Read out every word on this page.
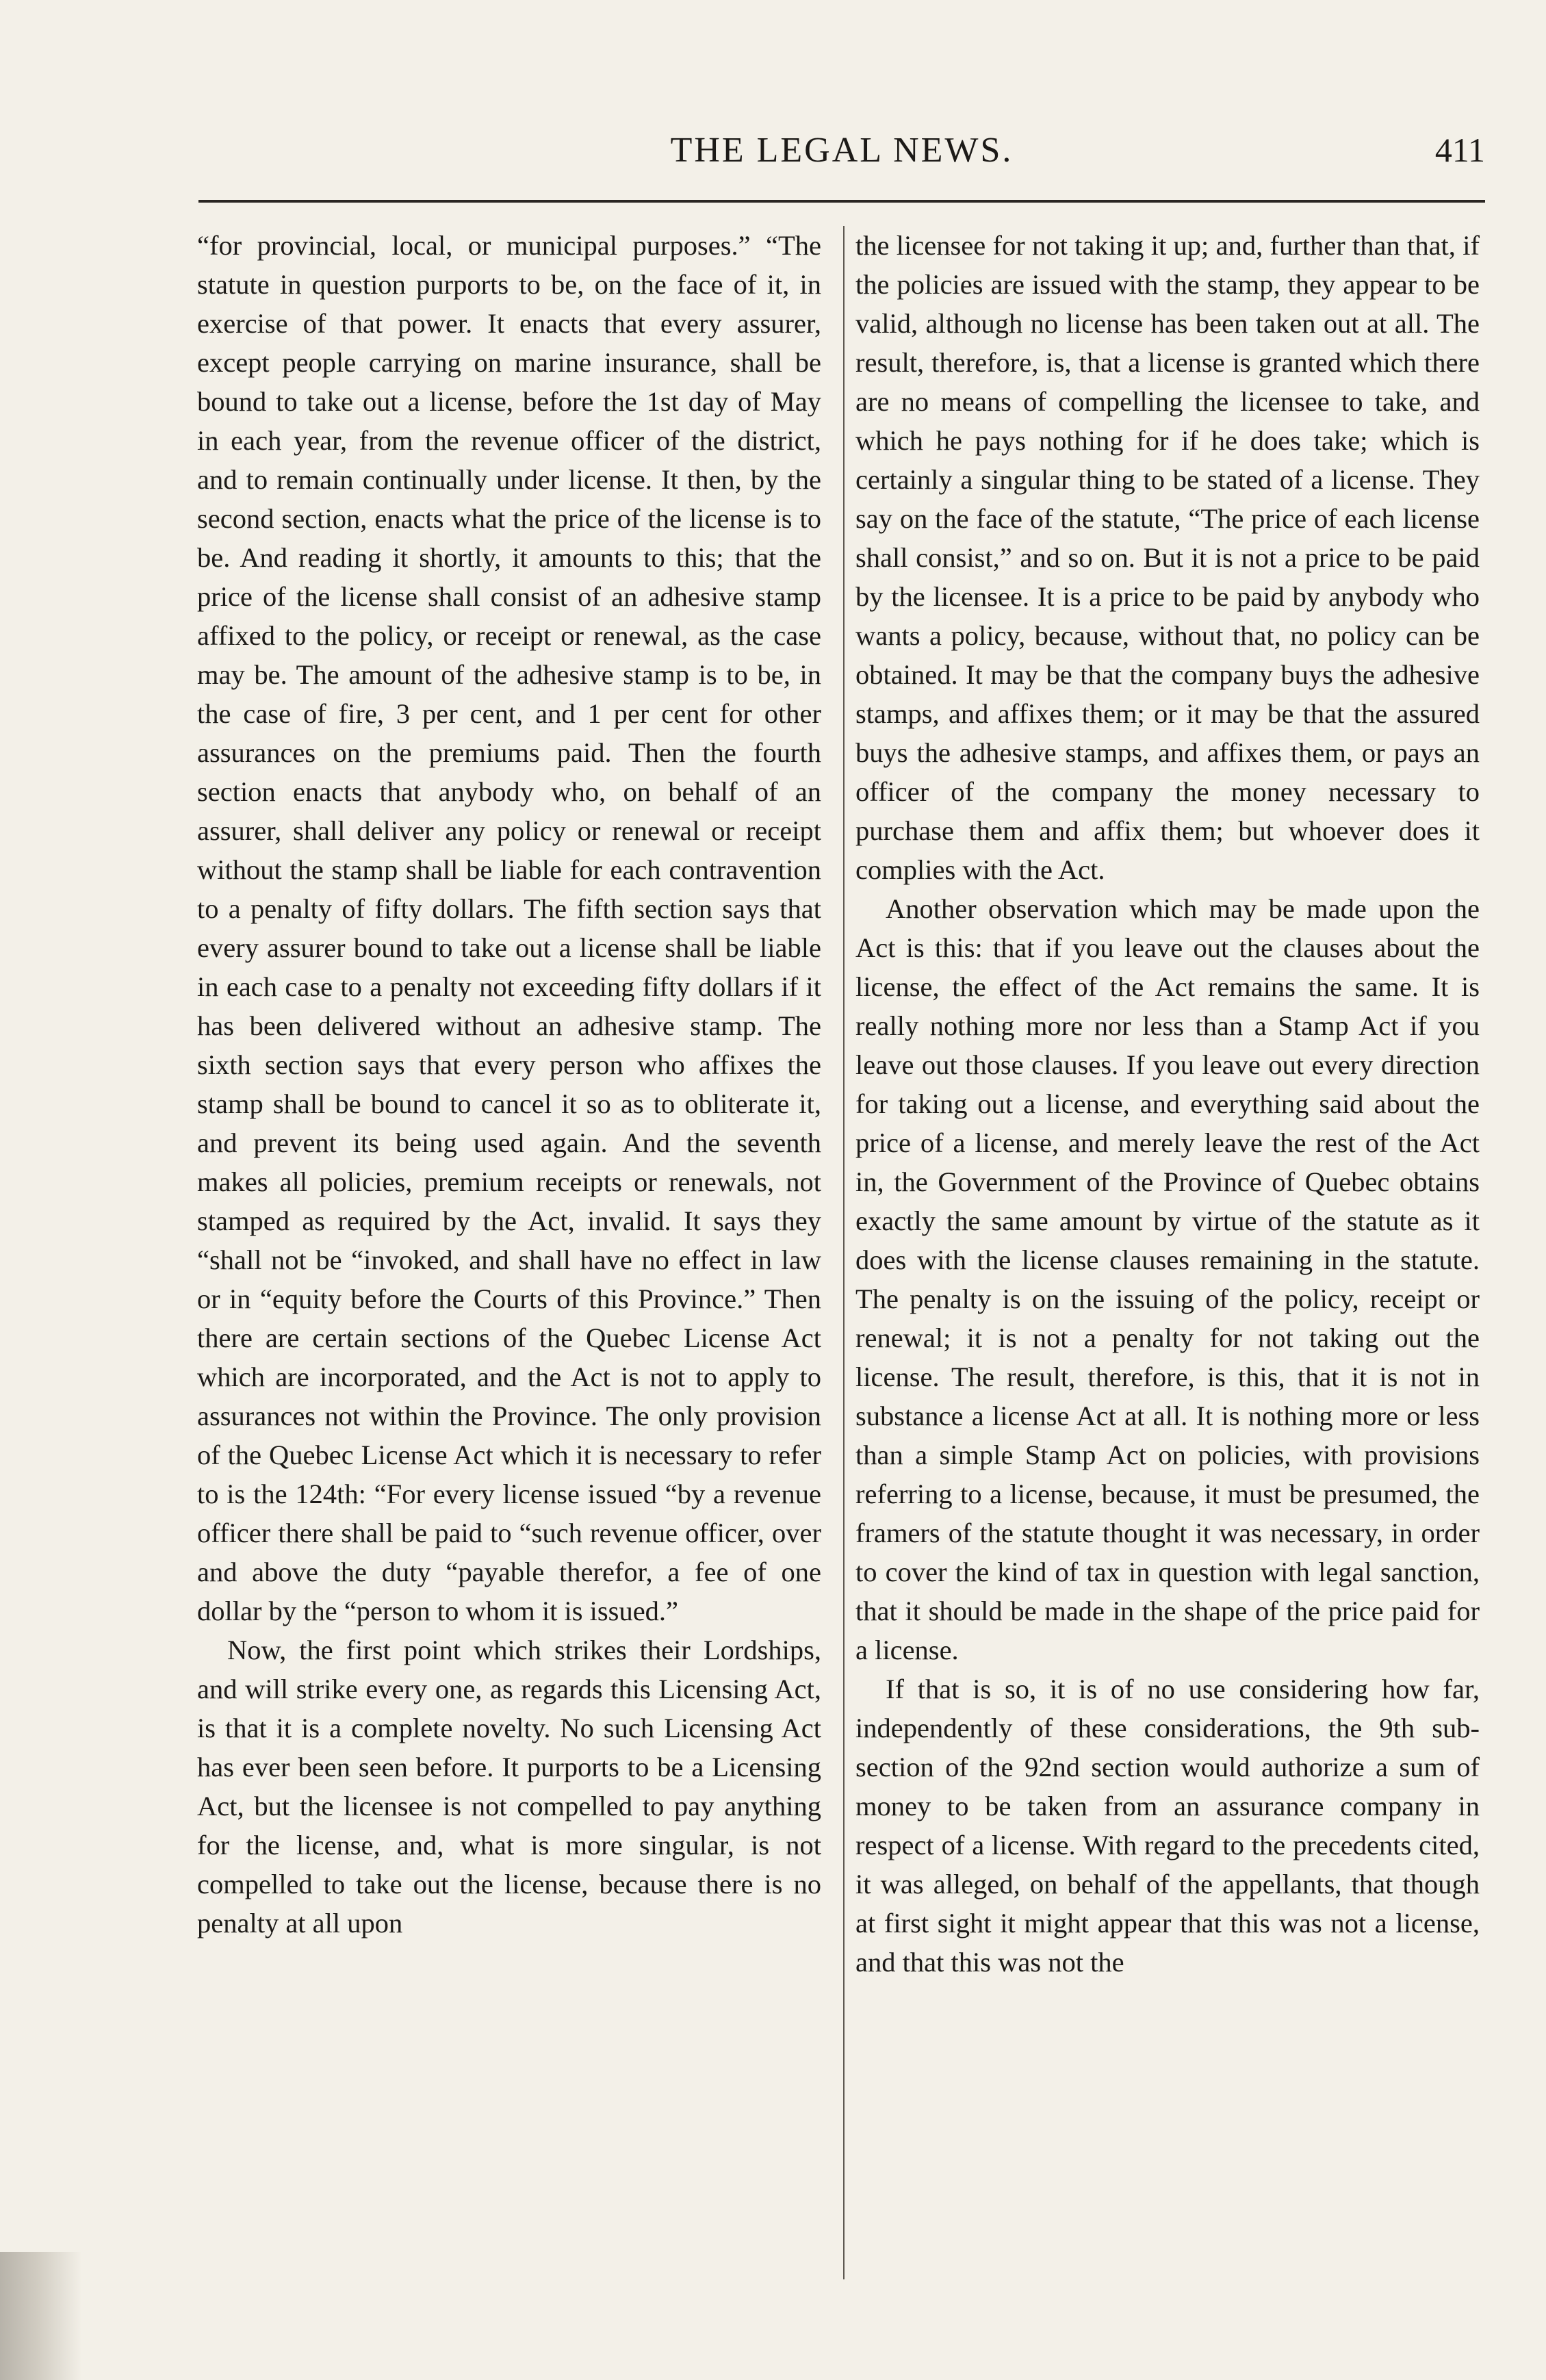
THE LEGAL NEWS.	411

“for provincial, local, or municipal purposes.” “The statute in question purports to be, on the face of it, in exercise of that power. It enacts that every assurer, except people carrying on marine insurance, shall be bound to take out a license, before the 1st day of May in each year, from the revenue officer of the district, and to remain continually under license. It then, by the second section, enacts what the price of the license is to be. And reading it shortly, it amounts to this; that the price of the license shall consist of an adhesive stamp affixed to the policy, or receipt or renewal, as the case may be. The amount of the adhesive stamp is to be, in the case of fire, 3 per cent, and 1 per cent for other assurances on the premiums paid. Then the fourth section enacts that anybody who, on behalf of an assurer, shall deliver any policy or renewal or receipt without the stamp shall be liable for each contravention to a penalty of fifty dollars. The fifth section says that every assurer bound to take out a license shall be liable in each case to a penalty not exceeding fifty dollars if it has been delivered without an adhesive stamp. The sixth section says that every person who affixes the stamp shall be bound to cancel it so as to obliterate it, and prevent its being used again. And the seventh makes all policies, premium receipts or renewals, not stamped as required by the Act, invalid. It says they “shall not be “invoked, and shall have no effect in law or in “equity before the Courts of this Province.” Then there are certain sections of the Quebec License Act which are incorporated, and the Act is not to apply to assurances not within the Province. The only provision of the Quebec License Act which it is necessary to refer to is the 124th: “For every license issued “by a revenue officer there shall be paid to “such revenue officer, over and above the duty “payable therefor, a fee of one dollar by the “person to whom it is issued.”

Now, the first point which strikes their Lordships, and will strike every one, as regards this Licensing Act, is that it is a complete novelty. No such Licensing Act has ever been seen before. It purports to be a Licensing Act, but the licensee is not compelled to pay anything for the license, and, what is more singular, is not compelled to take out the license, because there is no penalty at all upon

the licensee for not taking it up; and, further than that, if the policies are issued with the stamp, they appear to be valid, although no license has been taken out at all. The result, therefore, is, that a license is granted which there are no means of compelling the licensee to take, and which he pays nothing for if he does take; which is certainly a singular thing to be stated of a license. They say on the face of the statute, “The price of each license shall consist,” and so on. But it is not a price to be paid by the licensee. It is a price to be paid by anybody who wants a policy, because, without that, no policy can be obtained. It may be that the company buys the adhesive stamps, and affixes them; or it may be that the assured buys the adhesive stamps, and affixes them, or pays an officer of the company the money necessary to purchase them and affix them; but whoever does it complies with the Act.

Another observation which may be made upon the Act is this: that if you leave out the clauses about the license, the effect of the Act remains the same. It is really nothing more nor less than a Stamp Act if you leave out those clauses. If you leave out every direction for taking out a license, and everything said about the price of a license, and merely leave the rest of the Act in, the Government of the Province of Quebec obtains exactly the same amount by virtue of the statute as it does with the license clauses remaining in the statute. The penalty is on the issuing of the policy, receipt or renewal; it is not a penalty for not taking out the license. The result, therefore, is this, that it is not in substance a license Act at all. It is nothing more or less than a simple Stamp Act on policies, with provisions referring to a license, because, it must be presumed, the framers of the statute thought it was necessary, in order to cover the kind of tax in question with legal sanction, that it should be made in the shape of the price paid for a license.

If that is so, it is of no use considering how far, independently of these considerations, the 9th sub-section of the 92nd section would authorize a sum of money to be taken from an assurance company in respect of a license. With regard to the precedents cited, it was alleged, on behalf of the appellants, that though at first sight it might appear that this was not a license, and that this was not the
